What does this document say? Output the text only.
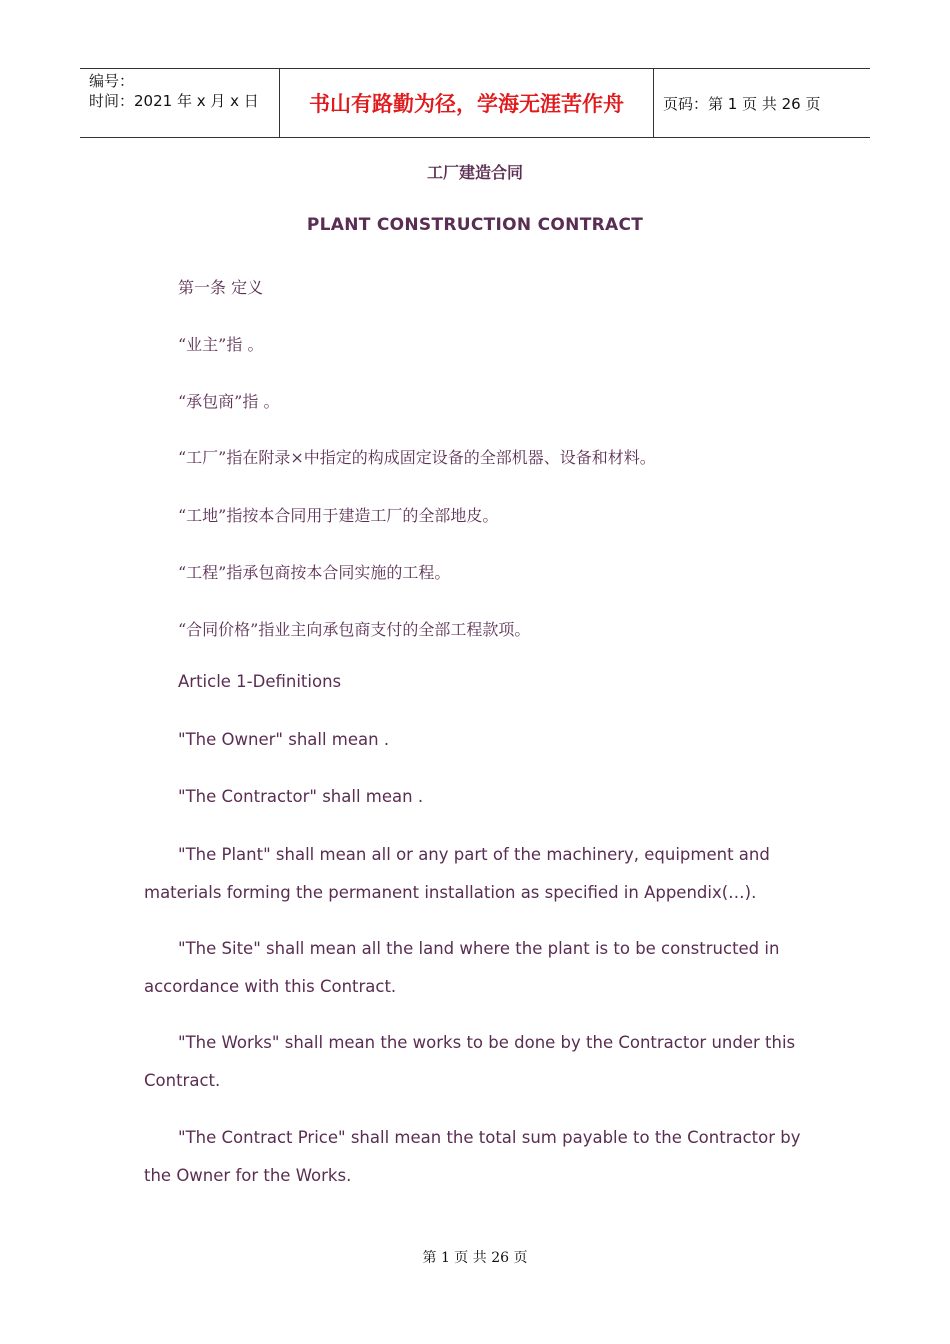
编号：
时间：2021 年 x 月 x 日	书山有路勤为径，学海无涯苦作舟	页码：第 1 页 共 26 页
工厂建造合同
PLANT CONSTRUCTION CONTRACT
第一条 定义
“业主”指 。
“承包商”指 。
“工厂”指在附录×中指定的构成固定设备的全部机器、设备和材料。
“工地”指按本合同用于建造工厂的全部地皮。
“工程”指承包商按本合同实施的工程。
“合同价格”指业主向承包商支付的全部工程款项。
Article 1-Definitions
"The Owner" shall mean .
"The Contractor" shall mean .
"The Plant" shall mean all or any part of the machinery, equipment and materials forming the permanent installation as specified in Appendix(…).
"The Site" shall mean all the land where the plant is to be constructed in accordance with this Contract.
"The Works" shall mean the works to be done by the Contractor under this Contract.
"The Contract Price" shall mean the total sum payable to the Contractor by the Owner for the Works.
第 1 页 共 26 页
